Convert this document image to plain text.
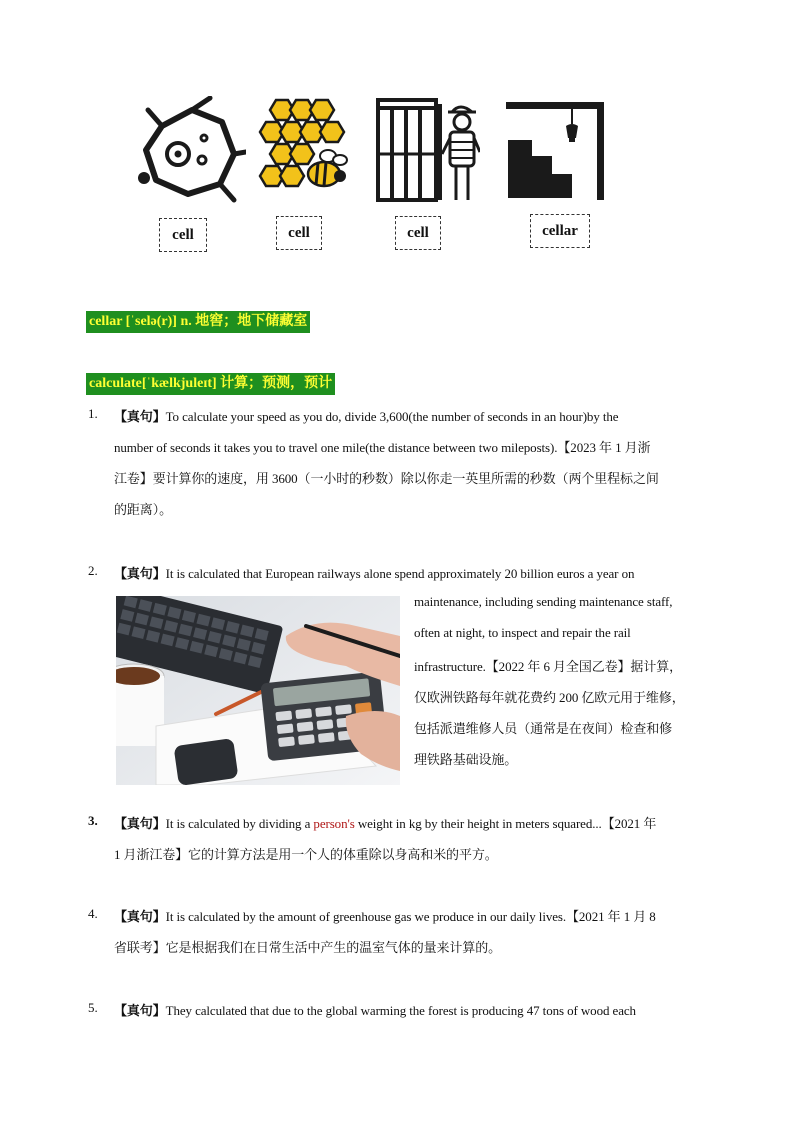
cell	cell	cell	cellar
cellar [ˈselə(r)] n. 地窖；地下储藏室
calculate[ˈkælkjuleɪt] 计算；预测，预计
1. 【真句】To calculate your speed as you do, divide 3,600(the number of seconds in an hour)by the
number of seconds it takes you to travel one mile(the distance between two mileposts).【2023 年 1 月浙
江卷】要计算你的速度，用 3600（一小时的秒数）除以你走一英里所需的秒数（两个里程标之间
的距离）。
2. 【真句】It is calculated that European railways alone spend approximately 20 billion euros a year on
maintenance, including sending maintenance staff,
often at night, to inspect and repair the rail
infrastructure.【2022 年 6 月全国乙卷】据计算，
仅欧洲铁路每年就花费约 200 亿欧元用于维修，
包括派遣维修人员（通常是在夜间）检查和修
理铁路基础设施。
3. 【真句】It is calculated by dividing a person's weight in kg by their height in meters squared...【2021 年
1 月浙江卷】它的计算方法是用一个人的体重除以身高和米的平方。
4. 【真句】It is calculated by the amount of greenhouse gas we produce in our daily lives.【2021 年 1 月 8
省联考】它是根据我们在日常生活中产生的温室气体的量来计算的。
5. 【真句】They calculated that due to the global warming the forest is producing 47 tons of wood each
